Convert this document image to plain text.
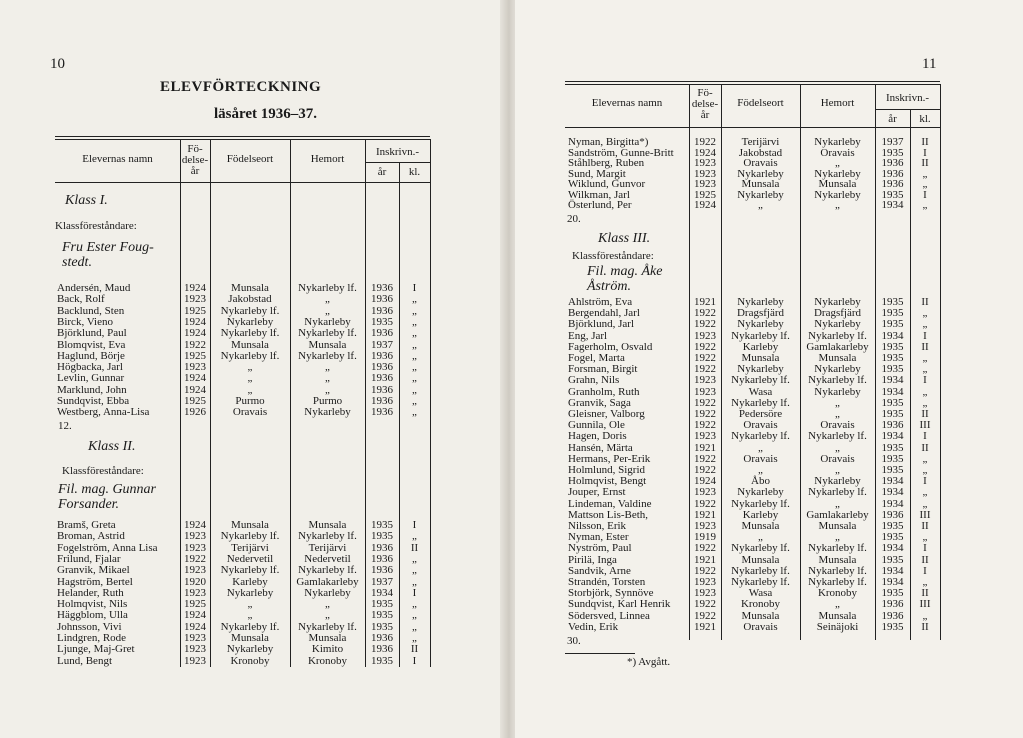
10
ELEVFÖRTECKNING
läsåret 1936–37.
Elevernas namn
Fö-
delse-
år
Födelseort	Hemort
Inskrivn.-
år	kl.
Klass I.
Klassföreståndare:
Fru Ester Foug-
stedt.
Andersén, Maud	1924	Munsala	Nykarleby lf.	1936	I
Back, Rolf	1923	Jakobstad	„	1936	„
Backlund, Sten	1925	Nykarleby lf.	„	1936	„
Birck, Vieno	1924	Nykarleby	Nykarleby	1935	„
Björklund, Paul	1924	Nykarleby lf.	Nykarleby lf.	1936	„
Blomqvist, Eva	1922	Munsala	Munsala	1937	„
Haglund, Börje	1925	Nykarleby lf.	Nykarleby lf.	1936	„
Högbacka, Jarl	1923	„	„	1936	„
Levlin, Gunnar	1924	„	„	1936	„
Marklund, John	1924	„	„	1936	„
Sundqvist, Ebba	1925	Purmo	Purmo	1936	„
Westberg, Anna-Lisa	1926	Oravais	Nykarleby	1936	„
12.
Klass II.
Klassföreståndare:
Fil. mag. Gunnar
Forsander.
Bramš, Greta	1924	Munsala	Munsala	1935	I
Broman, Astrid	1923	Nykarleby lf.	Nykarleby lf.	1935	„
Fogelström, Anna Lisa	1923	Terijärvi	Terijärvi	1936	II
Frilund, Fjalar	1922	Nedervetil	Nedervetil	1936	„
Granvik, Mikael	1923	Nykarleby lf.	Nykarleby lf.	1936	„
Hagström, Bertel	1920	Karleby	Gamlakarleby	1937	„
Helander, Ruth	1923	Nykarleby	Nykarleby	1934	I
Holmqvist, Nils	1925	„	„	1935	„
Häggblom, Ulla	1924	„	„	1935	„
Johnsson, Vivi	1924	Nykarleby lf.	Nykarleby lf.	1935	„
Lindgren, Rode	1923	Munsala	Munsala	1936	„
Ljunge, Maj-Gret	1923	Nykarleby	Kimito	1936	II
Lund, Bengt	1923	Kronoby	Kronoby	1935	I
11
Elevernas namn
Fö-
delse-
år
Födelseort	Hemort	Inskrivn.-
år	kl.
Nyman, Birgitta*)	1922	Terijärvi	Nykarleby	1937	II
Sandström, Gunne-Britt	1924	Jakobstad	Oravais	1935	I
Ståhlberg, Ruben	1923	Oravais	„	1936	II
Sund, Margit	1923	Nykarleby	Nykarleby	1936	„
Wiklund, Gunvor	1923	Munsala	Munsala	1936	„
Wilkman, Jarl	1925	Nykarleby	Nykarleby	1935	I
Österlund, Per	1924	„	„	1934	„
20.
Klass III.
Klassföreståndare:
Fil. mag. Åke
Åström.
Ahlström, Eva	1921	Nykarleby	Nykarleby	1935	II
Bergendahl, Jarl	1922	Dragsfjärd	Dragsfjärd	1935	„
Björklund, Jarl	1922	Nykarleby	Nykarleby	1935	„
Eng, Jarl	1923	Nykarleby lf.	Nykarleby lf.	1934	I
Fagerholm, Osvald	1922	Karleby	Gamlakarleby	1935	II
Fogel, Marta	1922	Munsala	Munsala	1935	„
Forsman, Birgit	1922	Nykarleby	Nykarleby	1935	„
Grahn, Nils	1923	Nykarleby lf.	Nykarleby lf.	1934	I
Granholm, Ruth	1923	Wasa	Nykarleby	1934	„
Granvik, Saga	1922	Nykarleby lf.	„	1935	„
Gleisner, Valborg	1922	Pedersöre	„	1935	II
Gunnila, Ole	1922	Oravais	Oravais	1936	III
Hagen, Doris	1923	Nykarleby lf.	Nykarleby lf.	1934	I
Hansén, Märta	1921	„	„	1935	II
Hermans, Per-Erik	1922	Oravais	Oravais	1935	„
Holmlund, Sigrid	1922	„	„	1935	„
Holmqvist, Bengt	1924	Åbo	Nykarleby	1934	I
Jouper, Ernst	1923	Nykarleby	Nykarleby lf.	1934	„
Lindeman, Valdine	1922	Nykarleby lf.	„	1934	„
Mattson Lis-Beth,	1921	Karleby	Gamlakarleby	1936	III
Nilsson, Erik	1923	Munsala	Munsala	1935	II
Nyman, Ester	1919	„	„	1935	„
Nyström, Paul	1922	Nykarleby lf.	Nykarleby lf.	1934	I
Pirilä, Inga	1921	Munsala	Munsala	1935	II
Sandvik, Arne	1922	Nykarleby lf.	Nykarleby lf.	1934	I
Strandén, Torsten	1923	Nykarleby lf.	Nykarleby lf.	1934	„
Storbjörk, Synnöve	1923	Wasa	Kronoby	1935	II
Sundqvist, Karl Henrik	1922	Kronoby	„	1936	III
Södersved, Linnea	1922	Munsala	Munsala	1936	„
Vedin, Erik	1921	Oravais	Seinäjoki	1935	II
30.
*) Avgått.
